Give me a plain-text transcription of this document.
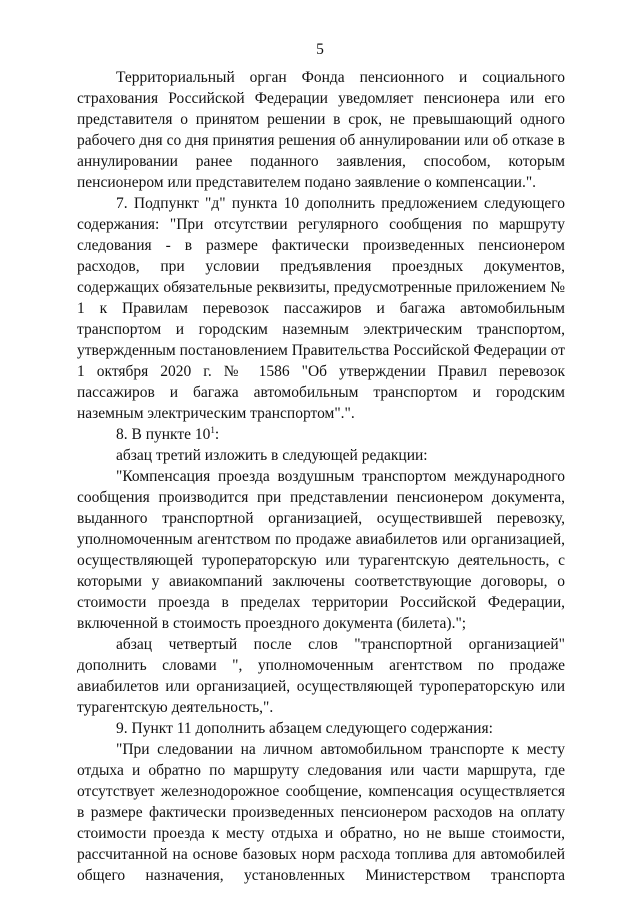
5

Территориальный орган Фонда пенсионного и социального страхования Российской Федерации уведомляет пенсионера или его представителя о принятом решении в срок, не превышающий одного рабочего дня со дня принятия решения об аннулировании или об отказе в аннулировании ранее поданного заявления, способом, которым пенсионером или представителем подано заявление о компенсации.".

7. Подпункт "д" пункта 10 дополнить предложением следующего содержания: "При отсутствии регулярного сообщения по маршруту следования - в размере фактически произведенных пенсионером расходов, при условии предъявления проездных документов, содержащих обязательные реквизиты, предусмотренные приложением № 1 к Правилам перевозок пассажиров и багажа автомобильным транспортом и городским наземным электрическим транспортом, утвержденным постановлением Правительства Российской Федерации от 1 октября 2020 г. № 1586 "Об утверждении Правил перевозок пассажиров и багажа автомобильным транспортом и городским наземным электрическим транспортом".".

8. В пункте $10^1$:

абзац третий изложить в следующей редакции:

"Компенсация проезда воздушным транспортом международного сообщения производится при представлении пенсионером документа, выданного транспортной организацией, осуществившей перевозку, уполномоченным агентством по продаже авиабилетов или организацией, осуществляющей туроператорскую или турагентскую деятельность, с которыми у авиакомпаний заключены соответствующие договоры, о стоимости проезда в пределах территории Российской Федерации, включенной в стоимость проездного документа (билета).";

абзац четвертый после слов "транспортной организацией" дополнить словами ", уполномоченным агентством по продаже авиабилетов или организацией, осуществляющей туроператорскую или турагентскую деятельность,".

9. Пункт 11 дополнить абзацем следующего содержания:

"При следовании на личном автомобильном транспорте к месту отдыха и обратно по маршруту следования или части маршрута, где отсутствует железнодорожное сообщение, компенсация осуществляется в размере фактически произведенных пенсионером расходов на оплату стоимости проезда к месту отдыха и обратно, но не выше стоимости, рассчитанной на основе базовых норм расхода топлива для автомобилей общего назначения, установленных Министерством транспорта
